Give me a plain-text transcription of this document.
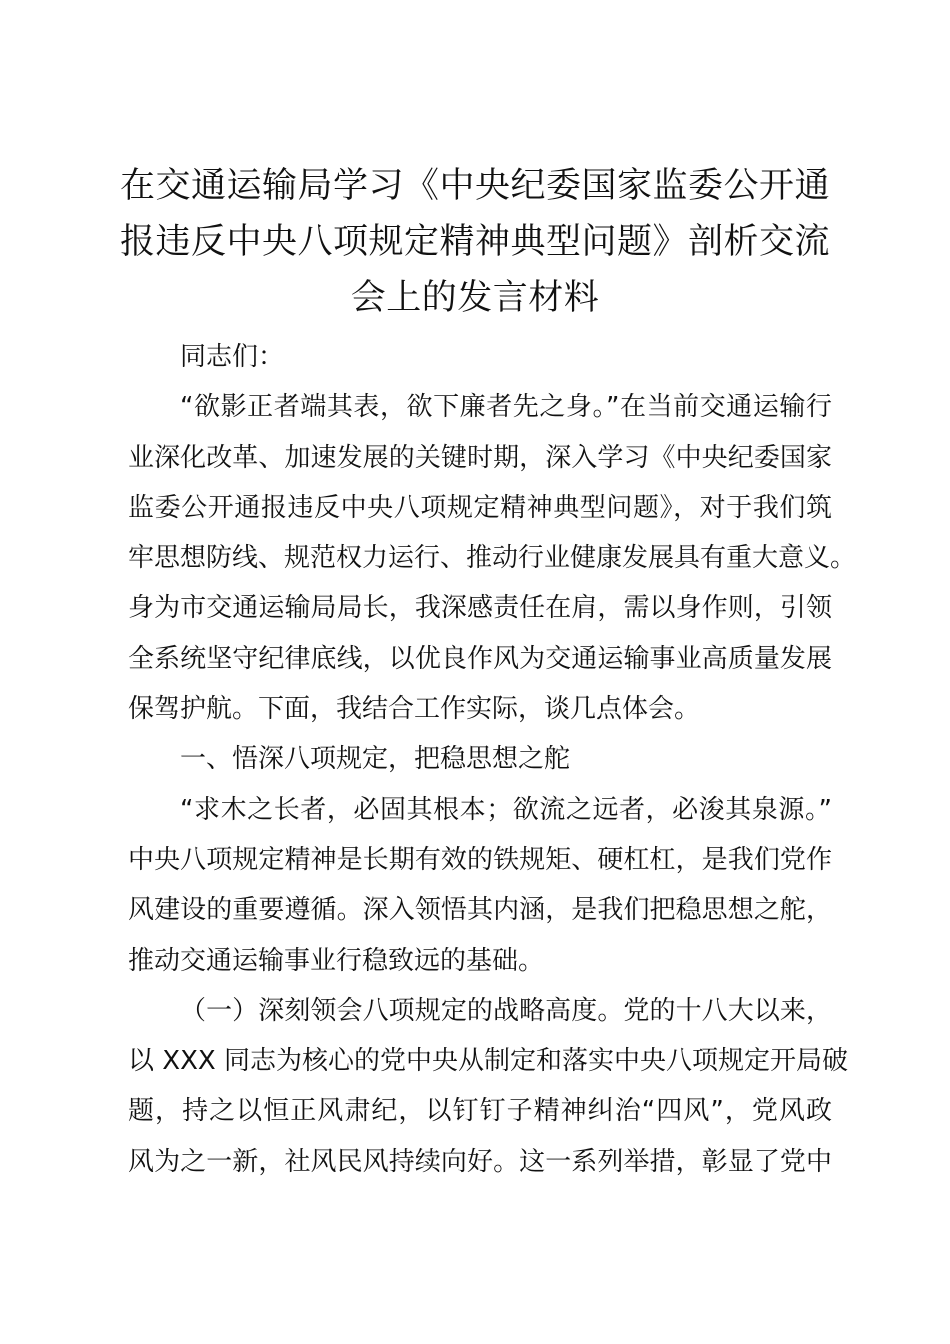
在交通运输局学习《中央纪委国家监委公开通
报违反中央八项规定精神典型问题》剖析交流
会上的发言材料
同志们：
“欲影正者端其表，欲下廉者先之身。”在当前交通运输行
业深化改革、加速发展的关键时期，深入学习《中央纪委国家
监委公开通报违反中央八项规定精神典型问题》，对于我们筑
牢思想防线、规范权力运行、推动行业健康发展具有重大意义。
身为市交通运输局局长，我深感责任在肩，需以身作则，引领
全系统坚守纪律底线，以优良作风为交通运输事业高质量发展
保驾护航。下面，我结合工作实际，谈几点体会。
一、悟深八项规定，把稳思想之舵
“求木之长者，必固其根本；欲流之远者，必浚其泉源。”
中央八项规定精神是长期有效的铁规矩、硬杠杠，是我们党作
风建设的重要遵循。深入领悟其内涵，是我们把稳思想之舵，
推动交通运输事业行稳致远的基础。
（一）深刻领会八项规定的战略高度。党的十八大以来，
以 XXX 同志为核心的党中央从制定和落实中央八项规定开局破
题，持之以恒正风肃纪，以钉钉子精神纠治“四风”，党风政
风为之一新，社风民风持续向好。这一系列举措，彰显了党中
